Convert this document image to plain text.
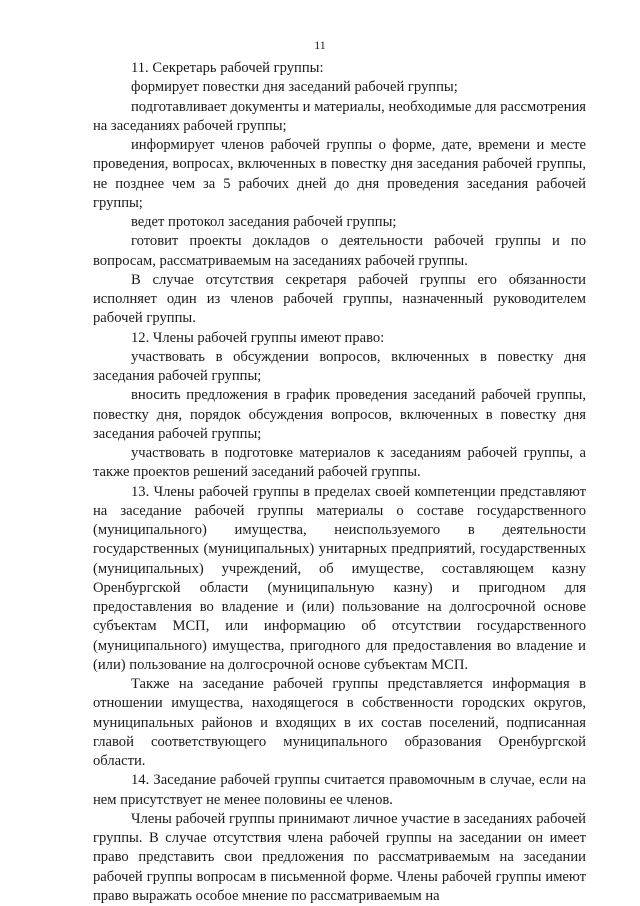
11

11. Секретарь рабочей группы:

формирует повестки дня заседаний рабочей группы;

подготавливает документы и материалы, необходимые для рассмотрения на заседаниях рабочей группы;

информирует членов рабочей группы о форме, дате, времени и месте проведения, вопросах, включенных в повестку дня заседания рабочей группы, не позднее чем за 5 рабочих дней до дня проведения заседания рабочей группы;

ведет протокол заседания рабочей группы;

готовит проекты докладов о деятельности рабочей группы и по вопросам, рассматриваемым на заседаниях рабочей группы.

В случае отсутствия секретаря рабочей группы его обязанности исполняет один из членов рабочей группы, назначенный руководителем рабочей группы.

12. Члены рабочей группы имеют право:

участвовать в обсуждении вопросов, включенных в повестку дня заседания рабочей группы;

вносить предложения в график проведения заседаний рабочей группы, повестку дня, порядок обсуждения вопросов, включенных в повестку дня заседания рабочей группы;

участвовать в подготовке материалов к заседаниям рабочей группы, а также проектов решений заседаний рабочей группы.

13. Члены рабочей группы в пределах своей компетенции представляют на заседание рабочей группы материалы о составе государственного (муниципального) имущества, неиспользуемого в деятельности государственных (муниципальных) унитарных предприятий, государственных (муниципальных) учреждений, об имуществе, составляющем казну Оренбургской области (муниципальную казну) и пригодном для предоставления во владение и (или) пользование на долгосрочной основе субъектам МСП, или информацию об отсутствии государственного (муниципального) имущества, пригодного для предоставления во владение и (или) пользование на долгосрочной основе субъектам МСП.

Также на заседание рабочей группы представляется информация в отношении имущества, находящегося в собственности городских округов, муниципальных районов и входящих в их состав поселений, подписанная главой соответствующего муниципального образования Оренбургской области.

14. Заседание рабочей группы считается правомочным в случае, если на нем присутствует не менее половины ее членов.

Члены рабочей группы принимают личное участие в заседаниях рабочей группы. В случае отсутствия члена рабочей группы на заседании он имеет право представить свои предложения по рассматриваемым на заседании рабочей группы вопросам в письменной форме. Члены рабочей группы имеют право выражать особое мнение по рассматриваемым на
